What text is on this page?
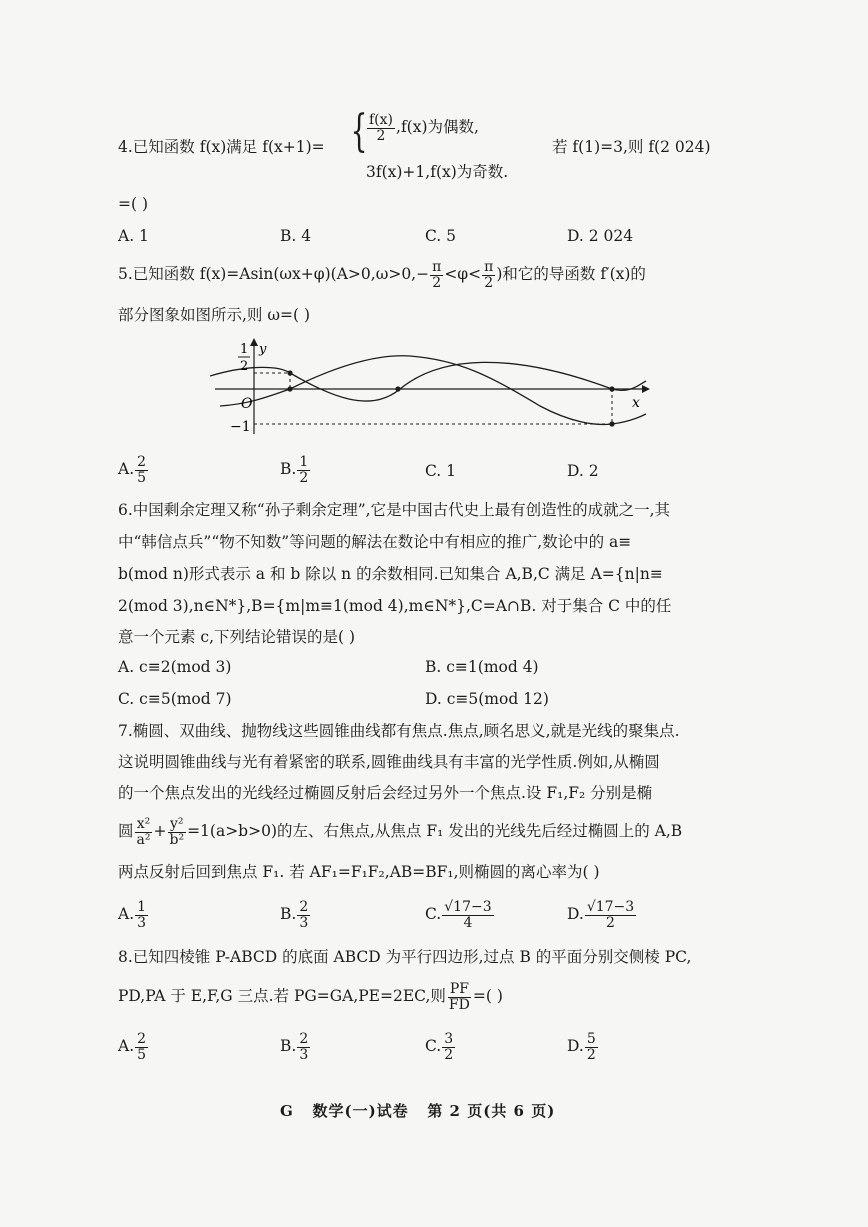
4.已知函数 f(x)满足 f(x+1)= { $\frac{f(x)}{2} ,f(x)$为偶数,
3f(x)+1,f(x)为奇数.
若 f(1)=3,则 f(2 024)
=( )
A. 1	B. 4	C. 5	D. 2 024
5.已知函数 $f(x)=Asin(\omega x+\varphi)(A>0,\omega>0,- \frac{\pi}{2} <\varphi< \frac{\pi}{2}$ )和它的导函数 f′(x)的
部分图象如图所示,则 ω=( )
1
2
y
O	x
−1
A. $\frac{2}{5}$	B. $\frac{1}{2}$	C. 1	D. 2
6.中国剩余定理又称“孙子剩余定理”,它是中国古代史上最有创造性的成就之一,其
中“韩信点兵”“物不知数”等问题的解法在数论中有相应的推广,数论中的 a≡
b(mod n)形式表示 a 和 b 除以 n 的余数相同.已知集合 A,B,C 满足 A={n|n≡
2(mod 3),n∈N*},B={m|m≡1(mod 4),m∈N*},C=A∩B. 对于集合 C 中的任
意一个元素 c,下列结论错误的是( )
A. c≡2(mod 3)	B. c≡1(mod 4)
C. c≡5(mod 7)	D. c≡5(mod 12)
7.椭圆、双曲线、抛物线这些圆锥曲线都有焦点.焦点,顾名思义,就是光线的聚集点.
这说明圆锥曲线与光有着紧密的联系,圆锥曲线具有丰富的光学性质.例如,从椭圆
的一个焦点发出的光线经过椭圆反射后会经过另外一个焦点.设 F₁,F₂ 分别是椭
圆 $\frac{\text{x²}}{\text{a²}} + \frac{\text{y²}}{\text{b²}} =1(a>b>0)$的左、右焦点,从焦点 F₁ 发出的光线先后经过椭圆上的 A,B
两点反射后回到焦点 F₁. 若 AF₁=F₁F₂,AB=BF₁,则椭圆的离心率为( )
A. $\frac{1}{3}$	B. $\frac{2}{3}$	C. $\frac{√17-3}{4}$	D. $\frac{√17-3}{2}$
8.已知四棱锥 P-ABCD 的底面 ABCD 为平行四边形,过点 B 的平面分别交侧棱 PC,
PD,PA 于 E,F,G 三点.若 PG=GA,PE=2EC,则 $\frac{PF}{FD}$ =( )
A. $\frac{2}{5}$	B. $\frac{2}{3}$	C. $\frac{3}{2}$	D. $\frac{5}{2}$
G   数学(一)试卷   第 2 页(共 6 页)
